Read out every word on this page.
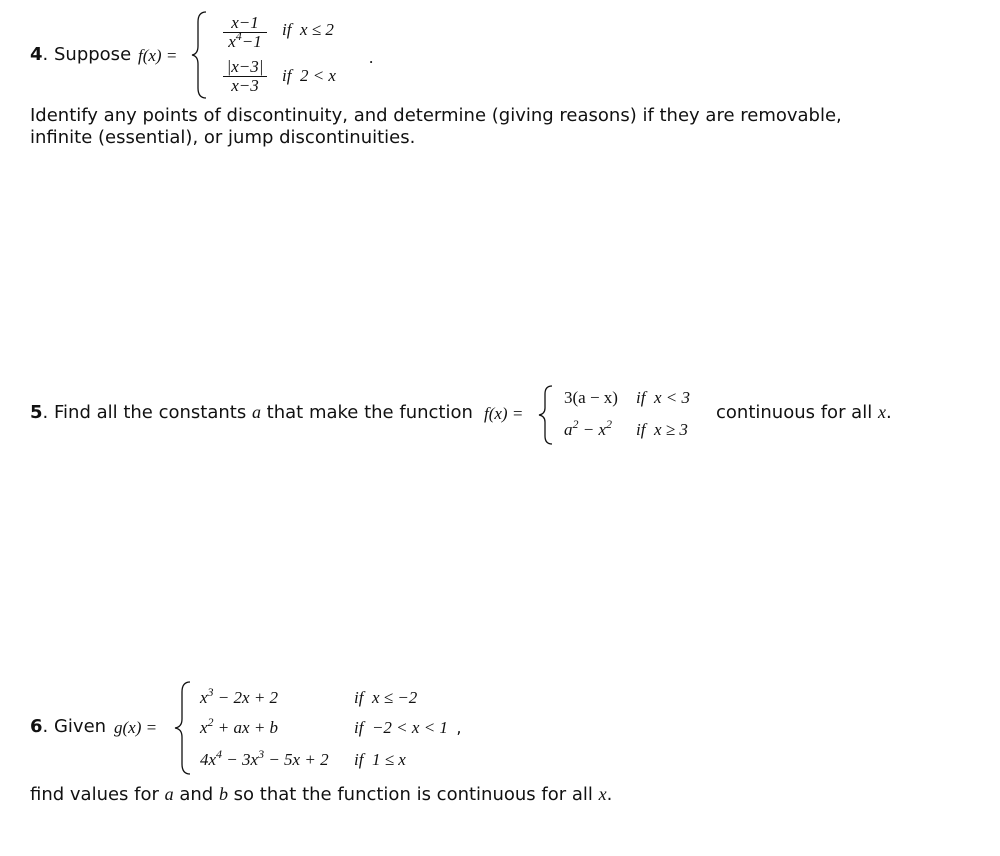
4. Suppose f(x) =
x−1
$x^4-1$
if x ≤ 2
|x−3|
x−3
if 2 < x
.
Identify any points of discontinuity, and determine (giving reasons) if they are removable,
infinite (essential), or jump discontinuities.
5. Find all the constants a that make the function f(x) =
3(a − x) if x < 3
$a^2 - x^2$ if x ≥ 3
continuous for all x.
6. Given g(x) =
$x^3 - 2x + 2$	if x ≤ −2
$x^2$ + ax + b	if −2 < x < 1 ,
$4x^4 - 3x^3 - 5x + 2$ if 1 ≤ x
find values for a and b so that the function is continuous for all x.
